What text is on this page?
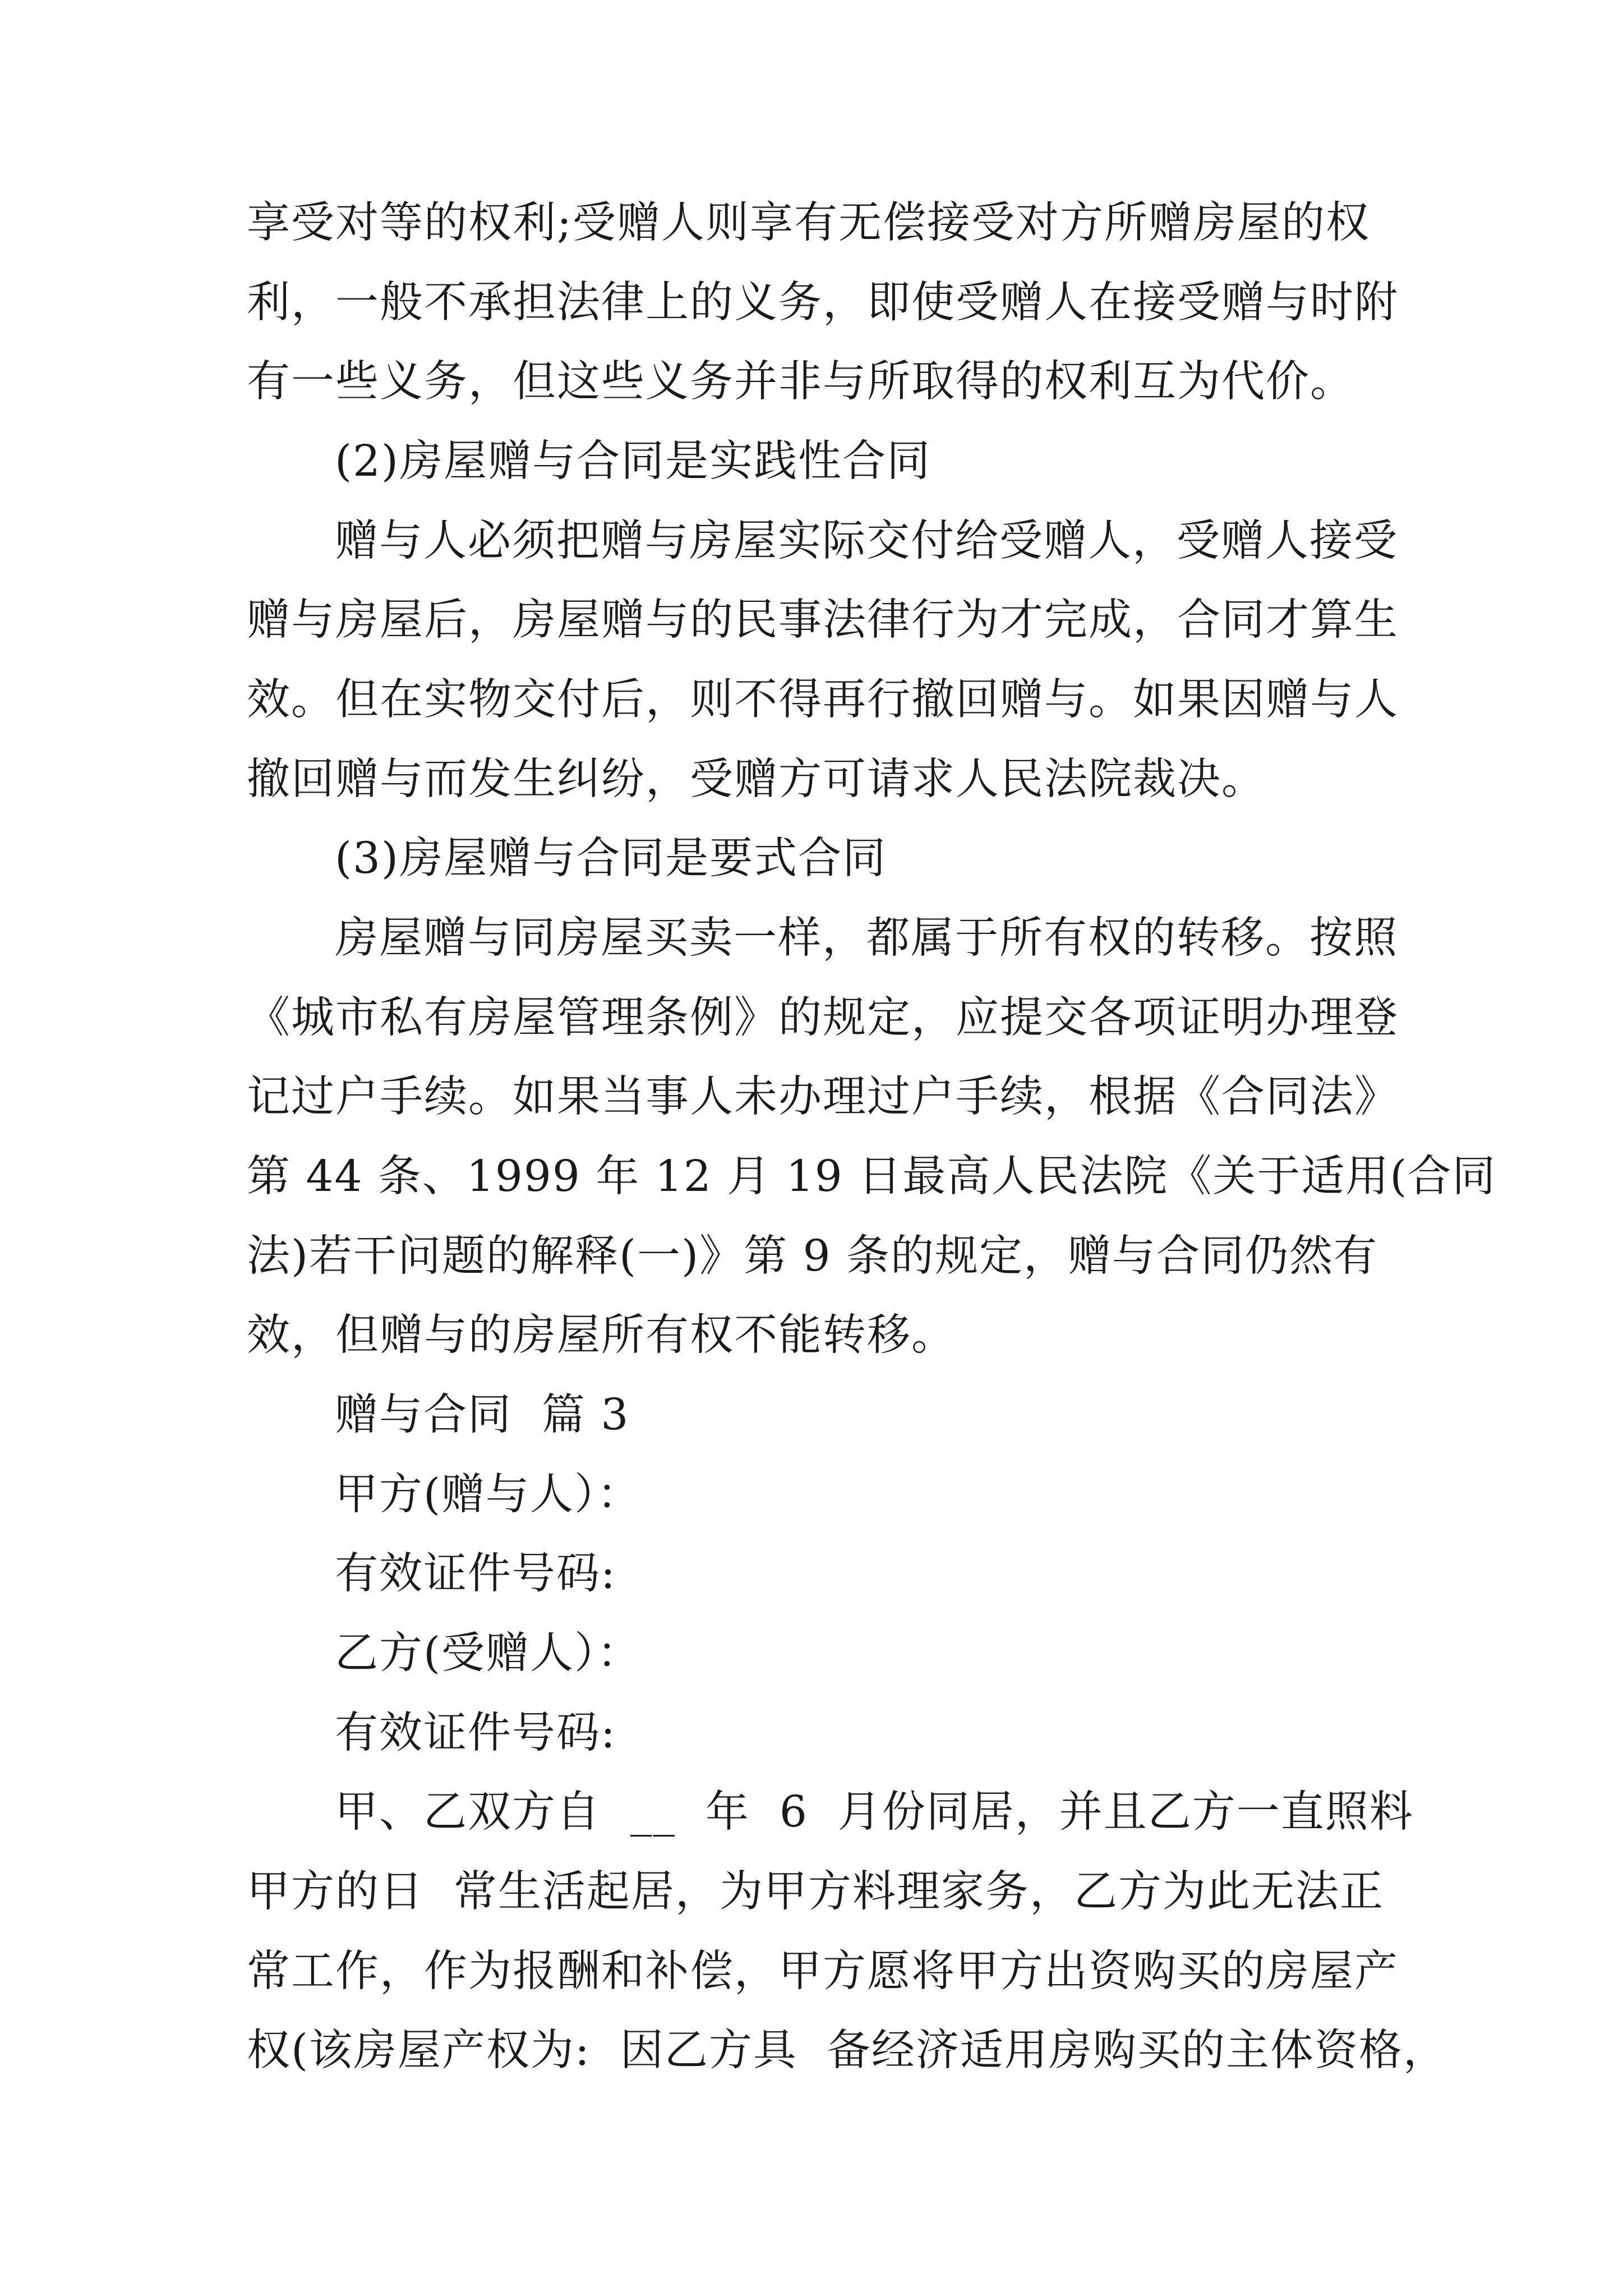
享受对等的权利;受赠人则享有无偿接受对方所赠房屋的权
利，一般不承担法律上的义务，即使受赠人在接受赠与时附
有一些义务，但这些义务并非与所取得的权利互为代价。
(2)房屋赠与合同是实践性合同
赠与人必须把赠与房屋实际交付给受赠人，受赠人接受
赠与房屋后，房屋赠与的民事法律行为才完成，合同才算生
效。但在实物交付后，则不得再行撤回赠与。如果因赠与人
撤回赠与而发生纠纷，受赠方可请求人民法院裁决。
(3)房屋赠与合同是要式合同
房屋赠与同房屋买卖一样，都属于所有权的转移。按照
《城市私有房屋管理条例》的规定，应提交各项证明办理登
记过户手续。如果当事人未办理过户手续，根据《合同法》
第 44 条、1999 年 12 月 19 日最高人民法院《关于适用(合同
法)若干问题的解释(一)》第 9 条的规定，赠与合同仍然有
效，但赠与的房屋所有权不能转移。
赠与合同  篇 3
甲方(赠与人）：
有效证件号码:
乙方(受赠人）：
有效证件号码:
甲、乙双方自  __  年  6  月份同居，并且乙方一直照料
甲方的日  常生活起居，为甲方料理家务，乙方为此无法正
常工作，作为报酬和补偿，甲方愿将甲方出资购买的房屋产
权(该房屋产权为:  因乙方具  备经济适用房购买的主体资格，
